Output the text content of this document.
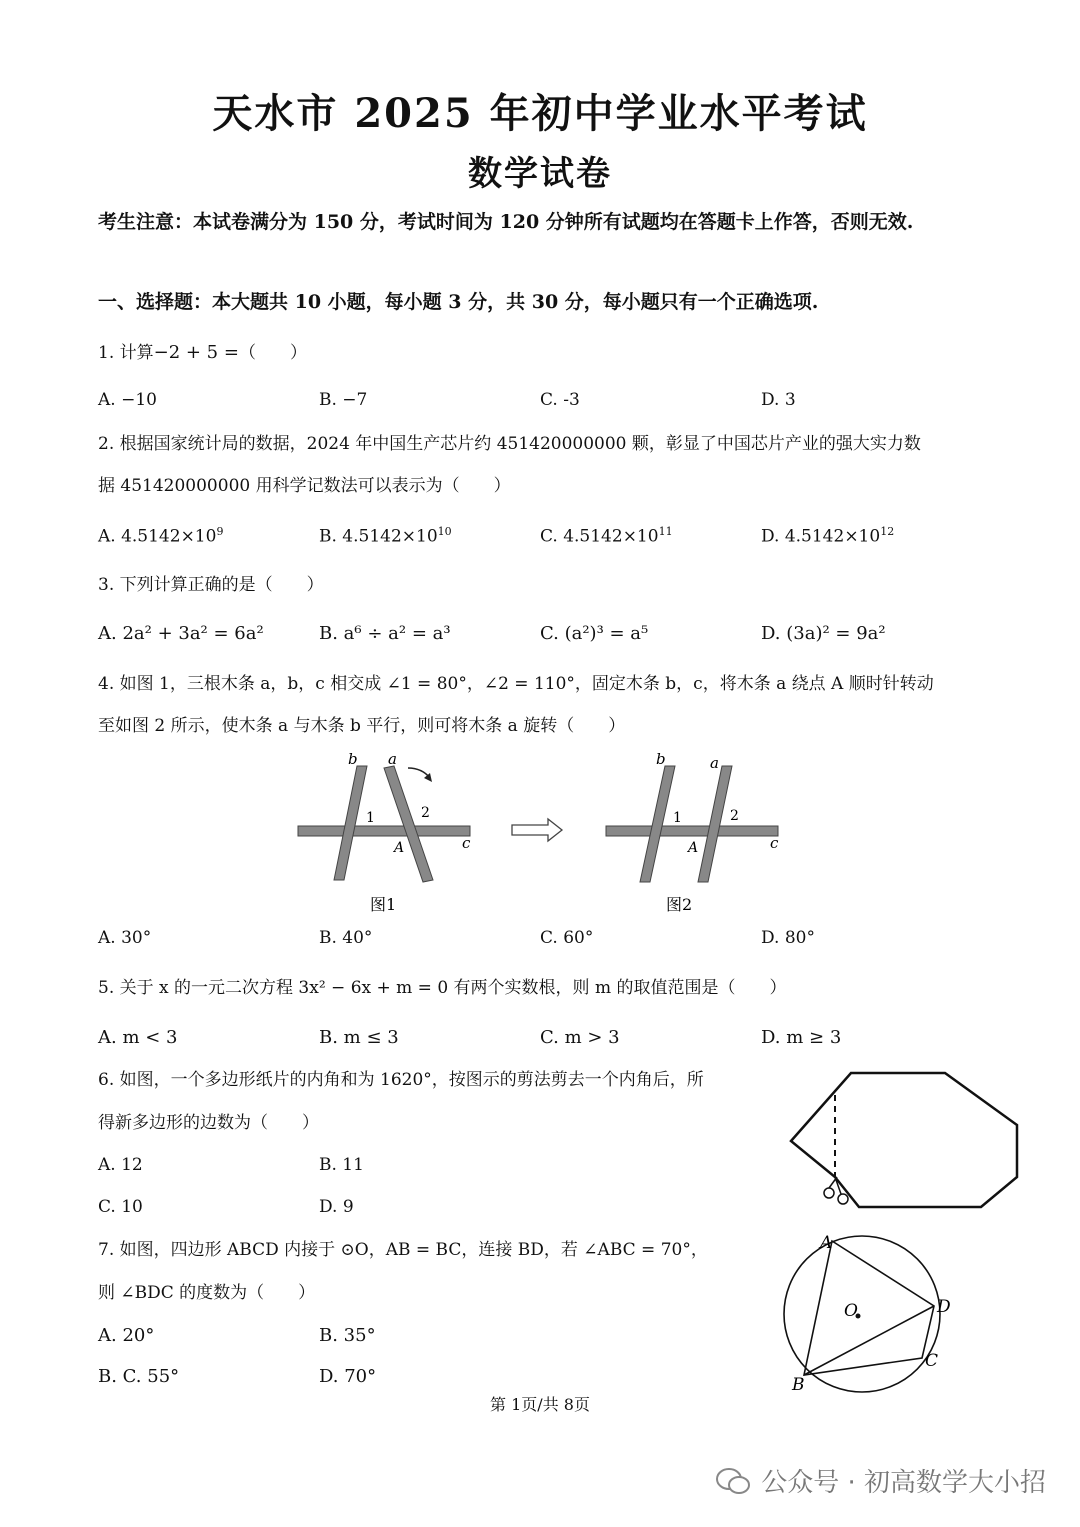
天水市 2025 年初中学业水平考试
数学试卷
考生注意：本试卷满分为 150 分，考试时间为 120 分钟所有试题均在答题卡上作答，否则无效.
一、选择题：本大题共 10 小题，每小题 3 分，共 30 分，每小题只有一个正确选项.
1. 计算−2 + 5 =（　　）
A. −10	B. −7	C. -3	D. 3
2. 根据国家统计局的数据，2024 年中国生产芯片约 451420000000 颗，彰显了中国芯片产业的强大实力数
据 451420000000 用科学记数法可以表示为（　　）
A. $4.5142\times 10^9$	B. $4.5142\times 10^{10}$	C. $4.5142\times 10^{11}$	D. $4.5142\times 10^{12}$
3. 下列计算正确的是（　　）
A. 2a² + 3a² = 6a²	B. a⁶ ÷ a² = a³	C. (a²)³ = a⁵	D. (3a)² = 9a²
4. 如图 1，三根木条 a，b，c 相交成 ∠1 = 80°，∠2 = 110°，固定木条 b，c，将木条 a 绕点 A 顺时针转动
至如图 2 所示，使木条 a 与木条 b 平行，则可将木条 a 旋转（　　）
b a
1	2
A	c
图1
b	a
1	2
A	c
图2
A. 30°	B. 40°	C. 60°	D. 80°
5. 关于 x 的一元二次方程 3x² − 6x + m = 0 有两个实数根，则 m 的取值范围是（　　）
A. m < 3	B. m ≤ 3	C. m > 3	D. m ≥ 3
6. 如图，一个多边形纸片的内角和为 1620°，按图示的剪法剪去一个内角后，所
得新多边形的边数为（　　）
A. 12	B. 11
C. 10	D. 9
7. 如图，四边形 ABCD 内接于 ⊙O，AB = BC，连接 BD，若 ∠ABC = 70°，
则 ∠BDC 的度数为（　　）
A. 20°	B. 35°
B. C. 55°	D. 70°
A
B
C
D
O
第 1页/共 8页
公众号 · 初高数学大小招
